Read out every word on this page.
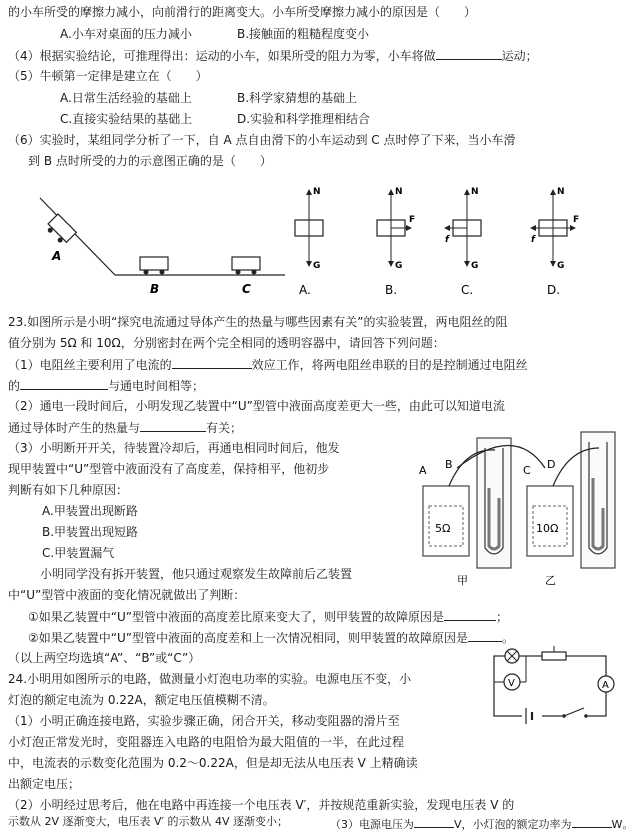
的小车所受的摩擦力减小，向前滑行的距离变大。小车所受摩擦力减小的原因是（　　）
A.小车对桌面的压力减小	B.接触面的粗糙程度变小
（4）根据实验结论，可推理得出：运动的小车，如果所受的阻力为零，小车将做	运动；
（5）牛顿第一定律是建立在（　　）
A.日常生活经验的基础上	B.科学家猜想的基础上
C.直接实验结果的基础上	D.实验和科学推理相结合
（6）实验时，某组同学分析了一下，自 A 点自由滑下的小车运动到 C 点时停了下来，当小车滑
到 B 点时所受的力的示意图正确的是（　　）
A
B	C
N
G
A.
N
G
F
B.
N
G
f
C.
N
G
F
f
D.
23.如图所示是小明“探究电流通过导体产生的热量与哪些因素有关”的实验装置，两电阻丝的阻
值分别为 5Ω 和 10Ω，分别密封在两个完全相同的透明容器中，请回答下列问题：
（1）电阻丝主要利用了电流的	效应工作，将两电阻丝串联的目的是控制通过电阻丝
的	与通电时间相等；
（2）通电一段时间后，小明发现乙装置中“U”型管中液面高度差更大一些，由此可以知道电流
通过导体时产生的热量与	有关；
（3）小明断开开关，待装置冷却后，再通电相同时间后，他发
现甲装置中“U”型管中液面没有了高度差，保持相平，他初步
判断有如下几种原因：
A.甲装置出现断路
B.甲装置出现短路
C.甲装置漏气
小明同学没有拆开装置，他只通过观察发生故障前后乙装置
中“U”型管中液面的变化情况就做出了判断：
①如果乙装置中“U”型管中液面的高度差比原来变大了，则甲装置的故障原因是	；
②如果乙装置中“U”型管中液面的高度差和上一次情况相同，则甲装置的故障原因是	。
（以上两空均选填“A”、“B”或“C”）
5Ω	10Ω
A B	C D
甲	乙
24.小明用如图所示的电路，做测量小灯泡电功率的实验。电源电压不变，小
灯泡的额定电流为 0.22A，额定电压值模糊不清。
（1）小明正确连接电路，实验步骤正确，闭合开关，移动变阻器的滑片至
小灯泡正常发光时，变阻器连入电路的电阻恰为最大阻值的一半，在此过程
中，电流表的示数变化范围为 0.2～0.22A，但是却无法从电压表 V 上精确读
出额定电压；
（2）小明经过思考后，他在电路中再连接一个电压表 V′，并按规范重新实验，发现电压表 V 的
V	A
示数从 2V 逐渐变大，电压表 V′ 的示数从 4V 逐渐变小；	（3）电源电压为	V，小灯泡的额定功率为	W。
